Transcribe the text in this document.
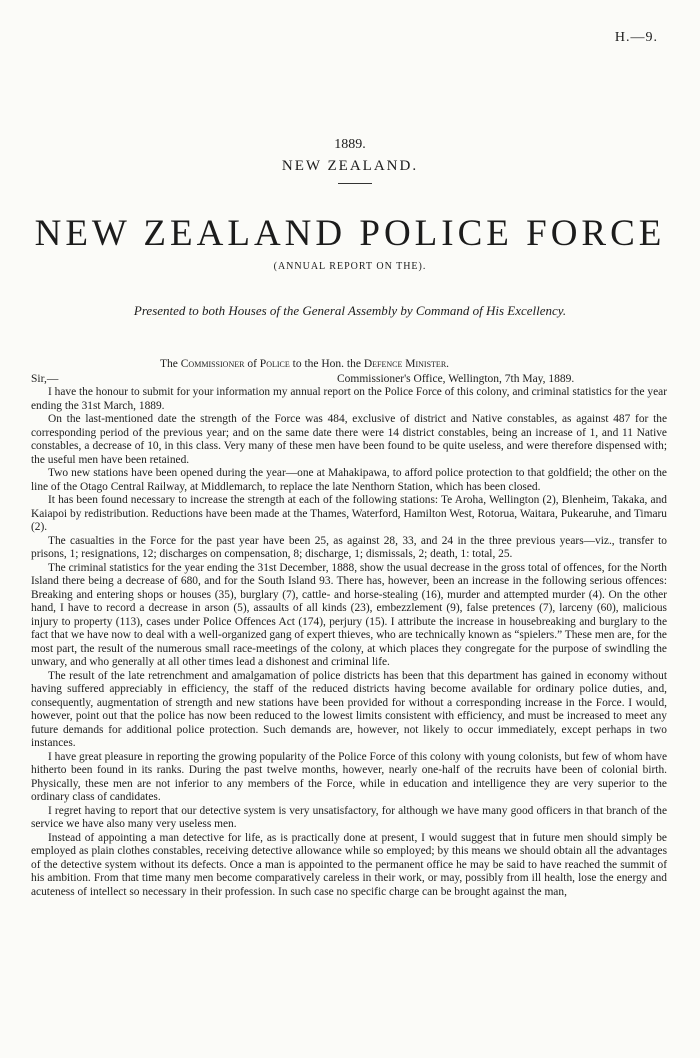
H.—9.
1889.
NEW ZEALAND.
NEW ZEALAND POLICE FORCE
(ANNUAL REPORT ON THE).
Presented to both Houses of the General Assembly by Command of His Excellency.
The Commissioner of Police to the Hon. the Defence Minister.
Sir,—	Commissioner's Office, Wellington, 7th May, 1889.

I have the honour to submit for your information my annual report on the Police Force of this colony, and criminal statistics for the year ending the 31st March, 1889.

On the last-mentioned date the strength of the Force was 484, exclusive of district and Native constables, as against 487 for the corresponding period of the previous year; and on the same date there were 14 district constables, being an increase of 1, and 11 Native constables, a decrease of 10, in this class. Very many of these men have been found to be quite useless, and were therefore dispensed with; the useful men have been retained.

Two new stations have been opened during the year—one at Mahakipawa, to afford police protection to that goldfield; the other on the line of the Otago Central Railway, at Middlemarch, to replace the late Nenthorn Station, which has been closed.

It has been found necessary to increase the strength at each of the following stations: Te Aroha, Wellington (2), Blenheim, Takaka, and Kaiapoi by redistribution. Reductions have been made at the Thames, Waterford, Hamilton West, Rotorua, Waitara, Pukearuhe, and Timaru (2).

The casualties in the Force for the past year have been 25, as against 28, 33, and 24 in the three previous years—viz., transfer to prisons, 1; resignations, 12; discharges on compensation, 8; discharge, 1; dismissals, 2; death, 1: total, 25.

The criminal statistics for the year ending the 31st December, 1888, show the usual decrease in the gross total of offences, for the North Island there being a decrease of 680, and for the South Island 93. There has, however, been an increase in the following serious offences: Breaking and entering shops or houses (35), burglary (7), cattle- and horse-stealing (16), murder and attempted murder (4). On the other hand, I have to record a decrease in arson (5), assaults of all kinds (23), embezzlement (9), false pretences (7), larceny (60), malicious injury to property (113), cases under Police Offences Act (174), perjury (15). I attribute the increase in housebreaking and burglary to the fact that we have now to deal with a well-organized gang of expert thieves, who are technically known as “spielers.” These men are, for the most part, the result of the numerous small race-meetings of the colony, at which places they congregate for the purpose of swindling the unwary, and who generally at all other times lead a dishonest and criminal life.

The result of the late retrenchment and amalgamation of police districts has been that this department has gained in economy without having suffered appreciably in efficiency, the staff of the reduced districts having become available for ordinary police duties, and, consequently, augmentation of strength and new stations have been provided for without a corresponding increase in the Force. I would, however, point out that the police has now been reduced to the lowest limits consistent with efficiency, and must be increased to meet any future demands for additional police protection. Such demands are, however, not likely to occur immediately, except perhaps in two instances.

I have great pleasure in reporting the growing popularity of the Police Force of this colony with young colonists, but few of whom have hitherto been found in its ranks. During the past twelve months, however, nearly one-half of the recruits have been of colonial birth. Physically, these men are not inferior to any members of the Force, while in education and intelligence they are very superior to the ordinary class of candidates.

I regret having to report that our detective system is very unsatisfactory, for although we have many good officers in that branch of the service we have also many very useless men.

Instead of appointing a man detective for life, as is practically done at present, I would suggest that in future men should simply be employed as plain clothes constables, receiving detective allowance while so employed; by this means we should obtain all the advantages of the detective system without its defects. Once a man is appointed to the permanent office he may be said to have reached the summit of his ambition. From that time many men become comparatively careless in their work, or may, possibly from ill health, lose the energy and acuteness of intellect so necessary in their profession. In such case no specific charge can be brought against the man,
